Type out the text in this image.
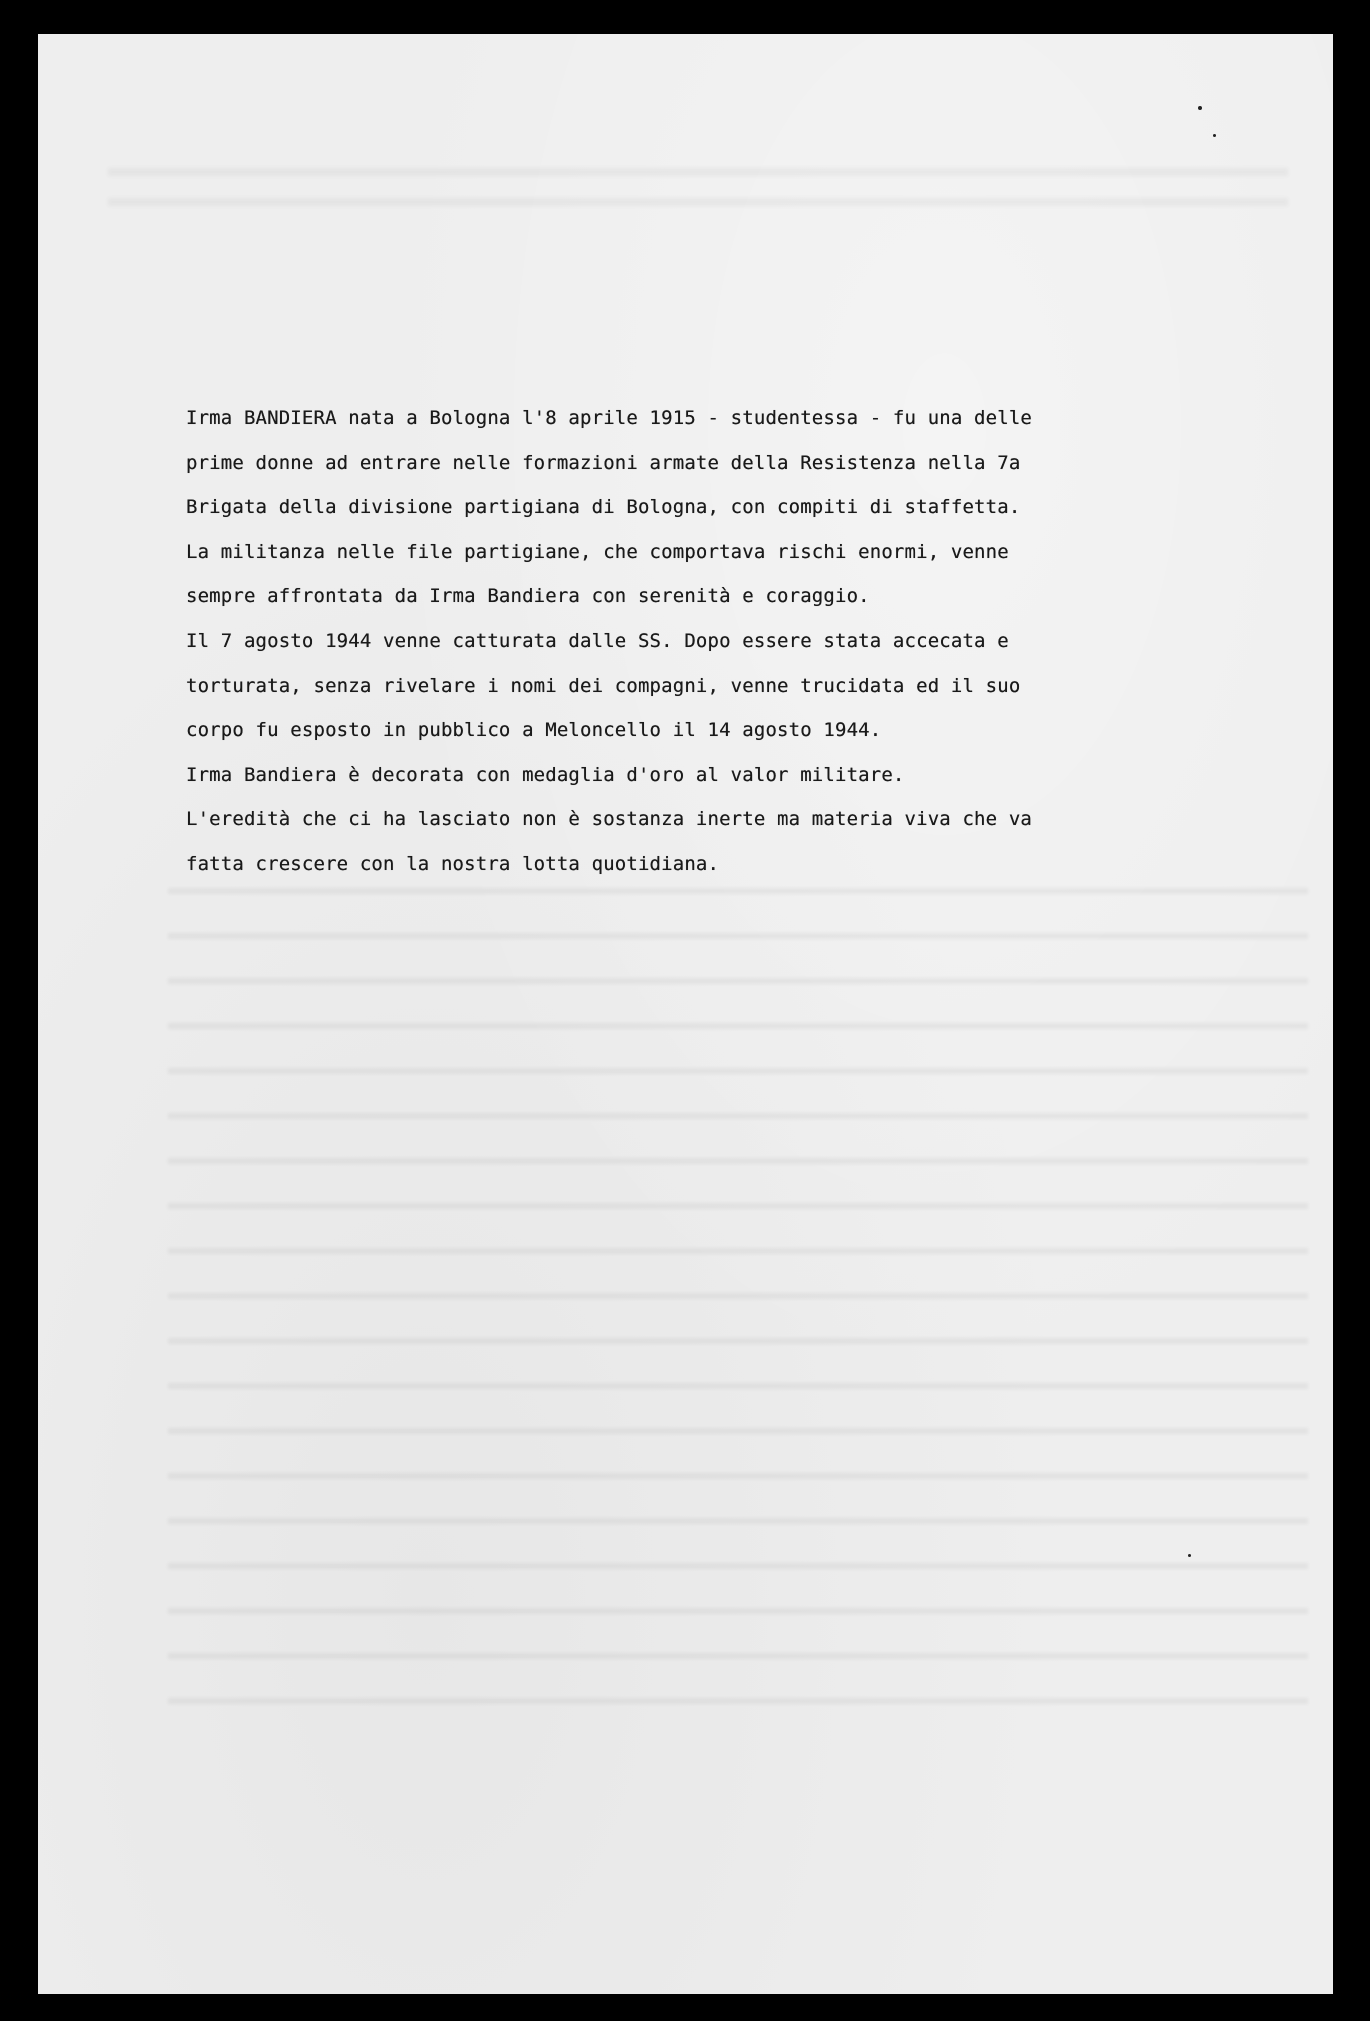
Irma BANDIERA nata a Bologna l'8 aprile 1915 - studentessa - fu una delle
prime donne ad entrare nelle formazioni armate della Resistenza nella 7a
Brigata della divisione partigiana di Bologna, con compiti di staffetta.
La militanza nelle file partigiane, che comportava rischi enormi, venne
sempre affrontata da Irma Bandiera con serenità e coraggio.
Il 7 agosto 1944 venne catturata dalle SS. Dopo essere stata accecata e
torturata, senza rivelare i nomi dei compagni, venne trucidata ed il suo
corpo fu esposto in pubblico a Meloncello il 14 agosto 1944.
Irma Bandiera è decorata con medaglia d'oro al valor militare.
L'eredità che ci ha lasciato non è sostanza inerte ma materia viva che va
fatta crescere con la nostra lotta quotidiana.
